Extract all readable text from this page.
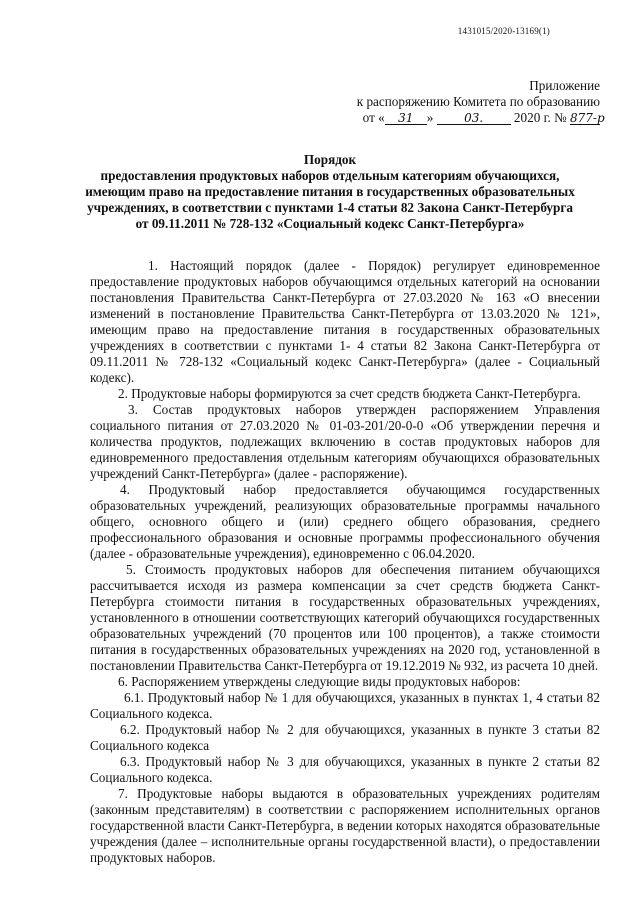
1431015/2020-13169(1)
Приложение
к распоряжению Комитета по образованию
от « 31 »	03. 2020 г. № 877-р
Порядок
предоставления продуктовых наборов отдельным категориям обучающихся,
имеющим право на предоставление питания в государственных образовательных
учреждениях, в соответствии с пунктами 1-4 статьи 82 Закона Санкт-Петербурга
от 09.11.2011 № 728-132 «Социальный кодекс Санкт-Петербурга»

1. Настоящий порядок (далее - Порядок) регулирует единовременное предоставление продуктовых наборов обучающимся отдельных категорий на основании постановления Правительства Санкт-Петербурга от 27.03.2020 № 163 «О внесении изменений в постановление Правительства Санкт-Петербурга от 13.03.2020 № 121», имеющим право на предоставление питания в государственных образовательных учреждениях в соответствии с пунктами 1- 4 статьи 82 Закона Санкт-Петербурга от 09.11.2011 № 728-132 «Социальный кодекс Санкт-Петербурга» (далее - Социальный кодекс).

2. Продуктовые наборы формируются за счет средств бюджета Санкт-Петербурга.

3. Состав продуктовых наборов утвержден распоряжением Управления социального питания от 27.03.2020 № 01-03-201/20-0-0 «Об утверждении перечня и количества продуктов, подлежащих включению в состав продуктовых наборов для единовременного предоставления отдельным категориям обучающихся образовательных учреждений Санкт-Петербурга» (далее - распоряжение).

4. Продуктовый набор предоставляется обучающимся государственных образовательных учреждений, реализующих образовательные программы начального общего, основного общего и (или) среднего общего образования, среднего профессионального образования и основные программы профессионального обучения (далее - образовательные учреждения), единовременно с 06.04.2020.

5. Стоимость продуктовых наборов для обеспечения питанием обучающихся рассчитывается исходя из размера компенсации за счет средств бюджета Санкт-Петербурга стоимости питания в государственных образовательных учреждениях, установленного в отношении соответствующих категорий обучающихся государственных образовательных учреждений (70 процентов или 100 процентов), а также стоимости питания в государственных образовательных учреждениях на 2020 год, установленной в постановлении Правительства Санкт-Петербурга от 19.12.2019 № 932, из расчета 10 дней.

6. Распоряжением утверждены следующие виды продуктовых наборов:

6.1. Продуктовый набор № 1 для обучающихся, указанных в пунктах 1, 4 статьи 82 Социального кодекса.

6.2. Продуктовый набор № 2 для обучающихся, указанных в пункте 3 статьи 82 Социального кодекса

6.3. Продуктовый набор № 3 для обучающихся, указанных в пункте 2 статьи 82 Социального кодекса.

7. Продуктовые наборы выдаются в образовательных учреждениях родителям (законным представителям) в соответствии с распоряжением исполнительных органов государственной власти Санкт-Петербурга, в ведении которых находятся образовательные учреждения (далее – исполнительные органы государственной власти), о предоставлении продуктовых наборов.
